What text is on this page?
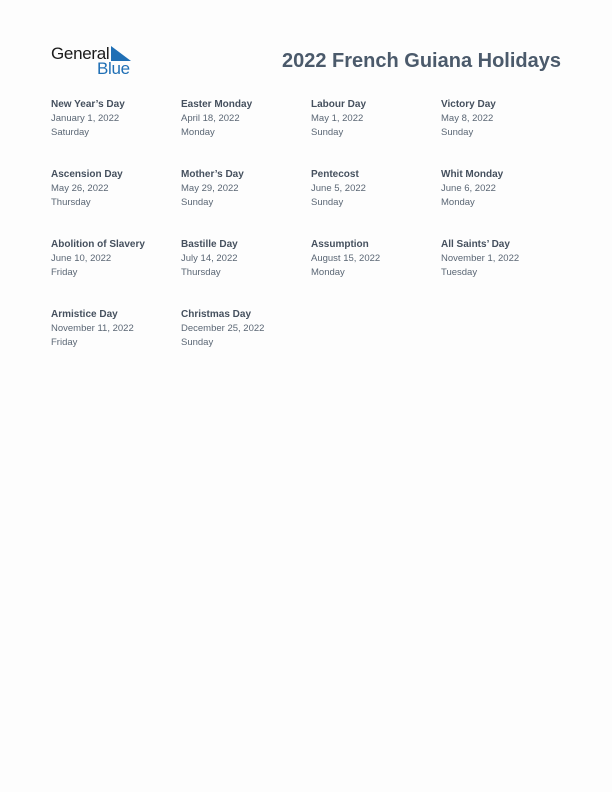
General
Blue	2022 French Guiana Holidays
New Year’s Day
January 1, 2022
Saturday
Easter Monday
April 18, 2022
Monday
Labour Day
May 1, 2022
Sunday
Victory Day
May 8, 2022
Sunday
Ascension Day
May 26, 2022
Thursday
Mother’s Day
May 29, 2022
Sunday
Pentecost
June 5, 2022
Sunday
Whit Monday
June 6, 2022
Monday
Abolition of Slavery
June 10, 2022
Friday
Bastille Day
July 14, 2022
Thursday
Assumption
August 15, 2022
Monday
All Saints’ Day
November 1, 2022
Tuesday
Armistice Day
November 11, 2022
Friday
Christmas Day
December 25, 2022
Sunday
